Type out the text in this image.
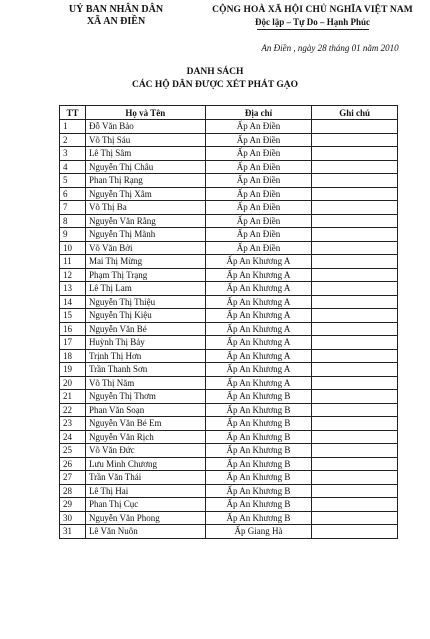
UỶ BAN NHÂN DÂN
XÃ AN ĐIỀN
CỘNG HOÀ XÃ HỘI CHỦ NGHĨA VIỆT NAM
Độc lập – Tự Do – Hạnh Phúc
An Điền , ngày 28 tháng 01 năm 2010
DANH SÁCH
CÁC HỘ DÂN ĐƯỢC XÉT PHÁT GẠO
TT	Họ và Tên	Địa chỉ	Ghi chú
1	Đỗ Văn Bảo	Ấp An Điền	
2	Võ Thị Sáu	Ấp An Điền	
3	Lê Thị Sâm	Ấp An Điền	
4	Nguyễn Thị Châu	Ấp An Điền	
5	Phan Thị Rạng	Ấp An Điền	
6	Nguyễn Thị Xâm	Ấp An Điền	
7	Võ Thị Ba	Ấp An Điền	
8	Nguyễn Văn Rằng	Ấp An Điền	
9	Nguyễn Thị Mãnh	Ấp An Điền	
10	Võ Văn Bởi	Ấp An Điền	
11	Mai Thị Mừng	Ấp An Khương A	
12	Phạm Thị Trạng	Ấp An Khương A	
13	Lê Thị Lam	Ấp An Khương A	
14	Nguyễn Thị Thiệu	Ấp An Khương A	
15	Nguyễn Thị Kiệu	Ấp An Khương A	
16	Nguyễn Văn Bé	Ấp An Khương A	
17	Huỳnh Thị Bảy	Ấp An Khương A	
18	Trịnh Thị Hơn	Ấp An Khương A	
19	Trần Thanh Sơn	Ấp An Khương A	
20	Võ Thị Năm	Ấp An Khương A	
21	Nguyễn Thị Thơm	Ấp An Khương B	
22	Phan Văn Soạn	Ấp An Khương B	
23	Nguyễn Văn Bé Em	Ấp An Khương B	
24	Nguyễn Văn Rịch	Ấp An Khương B	
25	Võ Văn Đức	Ấp An Khương B	
26	Lưu Minh Chương	Ấp An Khương B	
27	Trần Văn Thái	Ấp An Khương B	
28	Lê Thị Hai	Ấp An Khương B	
29	Phan Thị Cục	Ấp An Khương B	
30	Nguyễn Văn Phong	Ấp An Khương B	
31	Lê Văn Nuôn	Ấp Giang Hà	
